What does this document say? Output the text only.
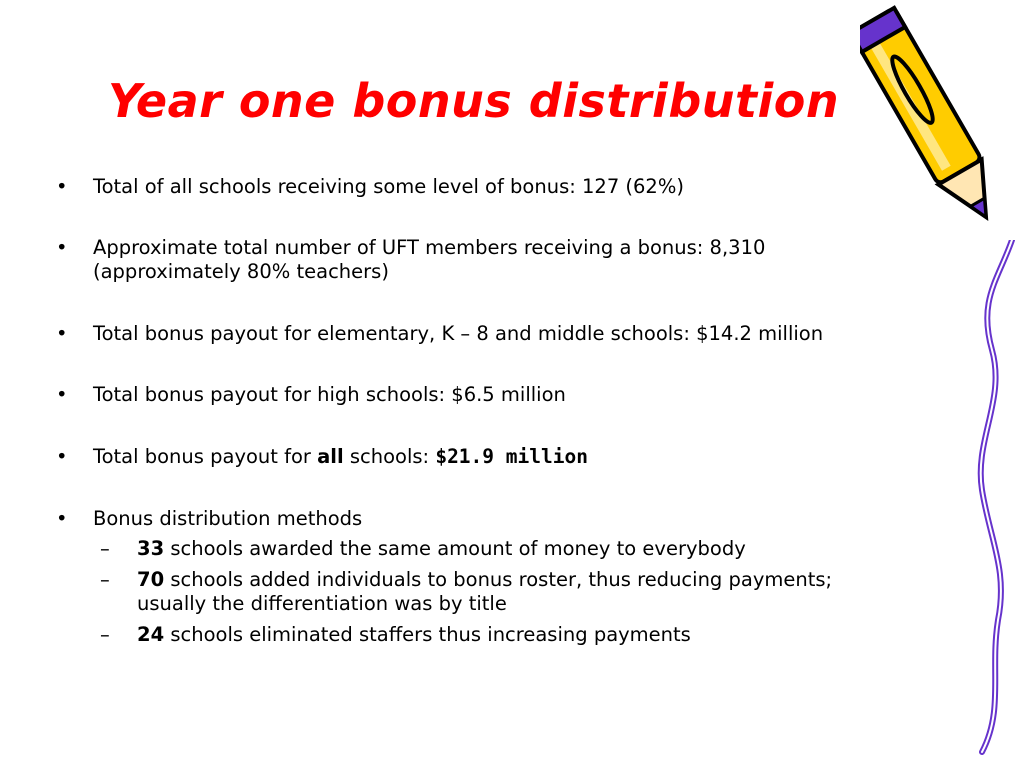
Year one bonus distribution
•	Total of all schools receiving some level of bonus: 127 (62%)
•	Approximate total number of UFT members receiving a bonus: 8,310
(approximately 80% teachers)
•	Total bonus payout for elementary, K – 8 and middle schools: $14.2 million
•	Total bonus payout for high schools: $6.5 million
•	Total bonus payout for all schools: $21.9 million
•	Bonus distribution methods
– 33 schools awarded the same amount of money to everybody
– 70 schools added individuals to bonus roster, thus reducing payments;
usually the differentiation was by title
– 24 schools eliminated staffers thus increasing payments
